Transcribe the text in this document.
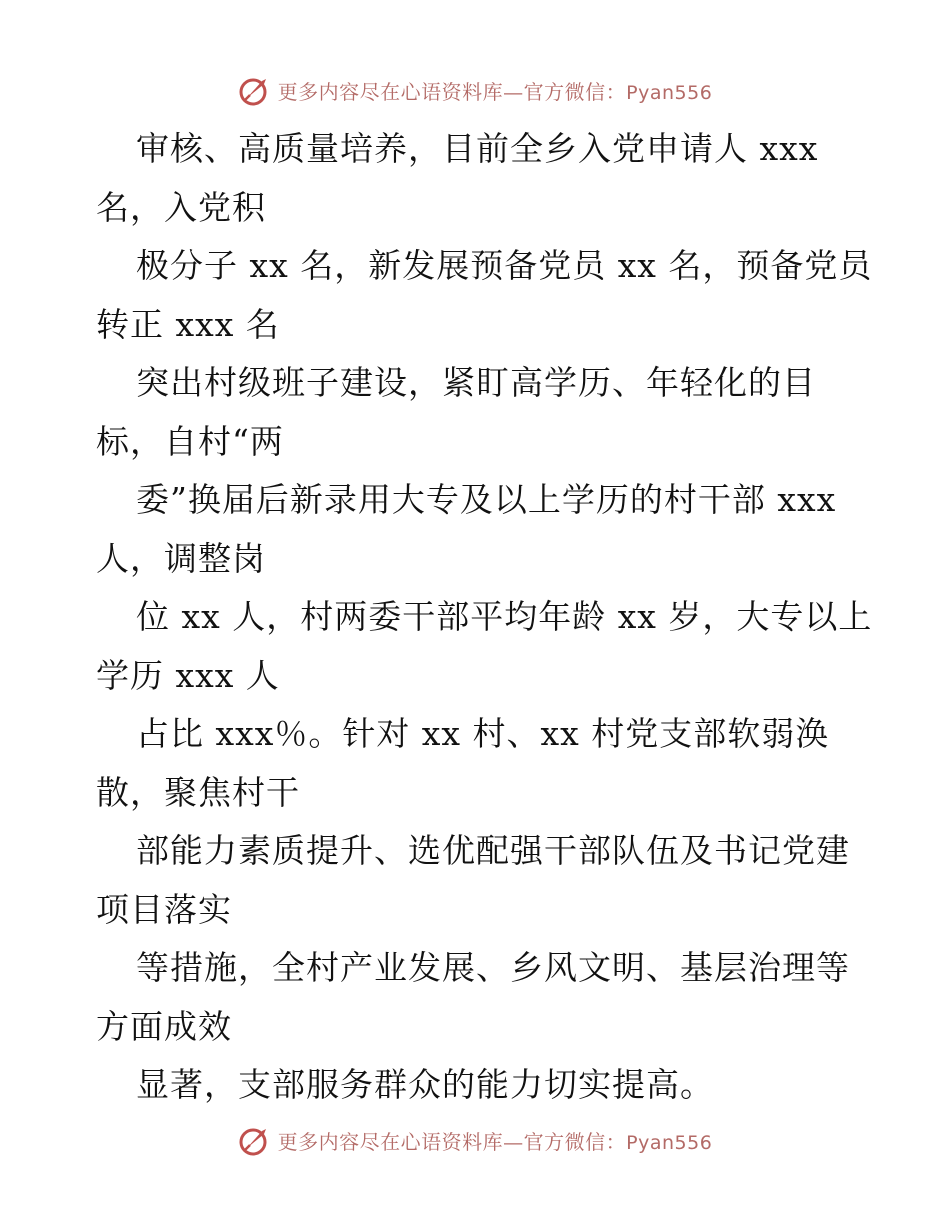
更多内容尽在心语资料库—官方微信：Pyan556
审核、高质量培养，目前全乡入党申请人 xxx
名，入党积
极分子 xx 名，新发展预备党员 xx 名，预备党员
转正 xxx 名
突出村级班子建设，紧盯高学历、年轻化的目
标，自村“两
委”换届后新录用大专及以上学历的村干部 xxx
人，调整岗
位 xx 人，村两委干部平均年龄 xx 岁，大专以上
学历 xxx 人
占比 xxx％。针对 xx 村、xx 村党支部软弱涣
散，聚焦村干
部能力素质提升、选优配强干部队伍及书记党建
项目落实
等措施，全村产业发展、乡风文明、基层治理等
方面成效
显著，支部服务群众的能力切实提高。
更多内容尽在心语资料库—官方微信：Pyan556
